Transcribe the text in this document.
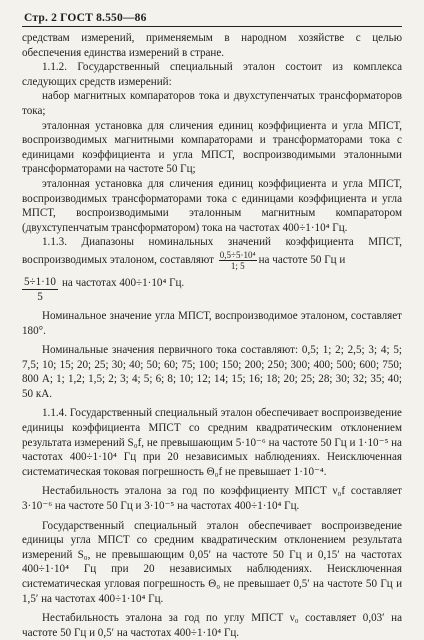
Стр. 2 ГОСТ 8.550—86

средствам измерений, применяемым в народном хозяйстве с целью обеспечения единства измерений в стране.

1.1.2. Государственный специальный эталон состоит из комплекса следующих средств измерений:

набор магнитных компараторов тока и двухступенчатых трансформаторов тока;

эталонная установка для сличения единиц коэффициента и угла МПСТ, воспроизводимых магнитными компараторами и трансформаторами тока с единицами коэффициента и угла МПСТ, воспроизводимыми эталонными трансформаторами на частоте 50 Гц;

эталонная установка для сличения единиц коэффициента и угла МПСТ, воспроизводимых трансформаторами тока с единицами коэффициента и угла МПСТ, воспроизводимыми эталонным магнитным компаратором (двухступенчатым трансформатором) тока на частотах 400÷1·10⁴ Гц.

1.1.3. Диапазоны номинальных значений коэффициента МПСТ, воспроизводимых эталоном, составляют $\frac{\text{0,5÷5·10⁴}}{1; 5}$ на частоте 50 Гц и

$\frac{5\div 1\cdot 10}{5}$ на частотах 400÷1·10⁴ Гц.

Номинальное значение угла МПСТ, воспроизводимое эталоном, составляет 180°.

Номинальные значения первичного тока составляют: 0,5; 1; 2; 2,5; 3; 4; 5; 7,5; 10; 15; 20; 25; 30; 40; 50; 60; 75; 100; 150; 200; 250; 300; 400; 500; 600; 750; 800 А; 1; 1,2; 1,5; 2; 3; 4; 5; 6; 8; 10; 12; 14; 15; 16; 18; 20; 25; 28; 30; 32; 35; 40; 50 кА.

1.1.4. Государственный специальный эталон обеспечивает воспроизведение единицы коэффициента МПСТ со средним квадратическим отклонением результата измерений S₀f, не превышающим 5·10⁻⁶ на частоте 50 Гц и 1·10⁻⁵ на частотах 400÷1·10⁴ Гц при 20 независимых наблюдениях. Неисключенная систематическая токовая погрешность Θ₀f не превышает 1·10⁻⁴.

Нестабильность эталона за год по коэффициенту МПСТ ν₀f составляет 3·10⁻⁶ на частоте 50 Гц и 3·10⁻⁵ на частотах 400÷1·10⁴ Гц.

Государственный специальный эталон обеспечивает воспроизведение единицы угла МПСТ со средним квадратическим отклонением результата измерений S₀, не превышающим 0,05′ на частоте 50 Гц и 0,15′ на частотах 400÷1·10⁴ Гц при 20 независимых наблюдениях. Неисключенная систематическая угловая погрешность Θ₀ не превышает 0,5′ на частоте 50 Гц и 1,5′ на частотах 400÷1·10⁴ Гц.

Нестабильность эталона за год по углу МПСТ ν₀ составляет 0,03′ на частоте 50 Гц и 0,5′ на частотах 400÷1·10⁴ Гц.
